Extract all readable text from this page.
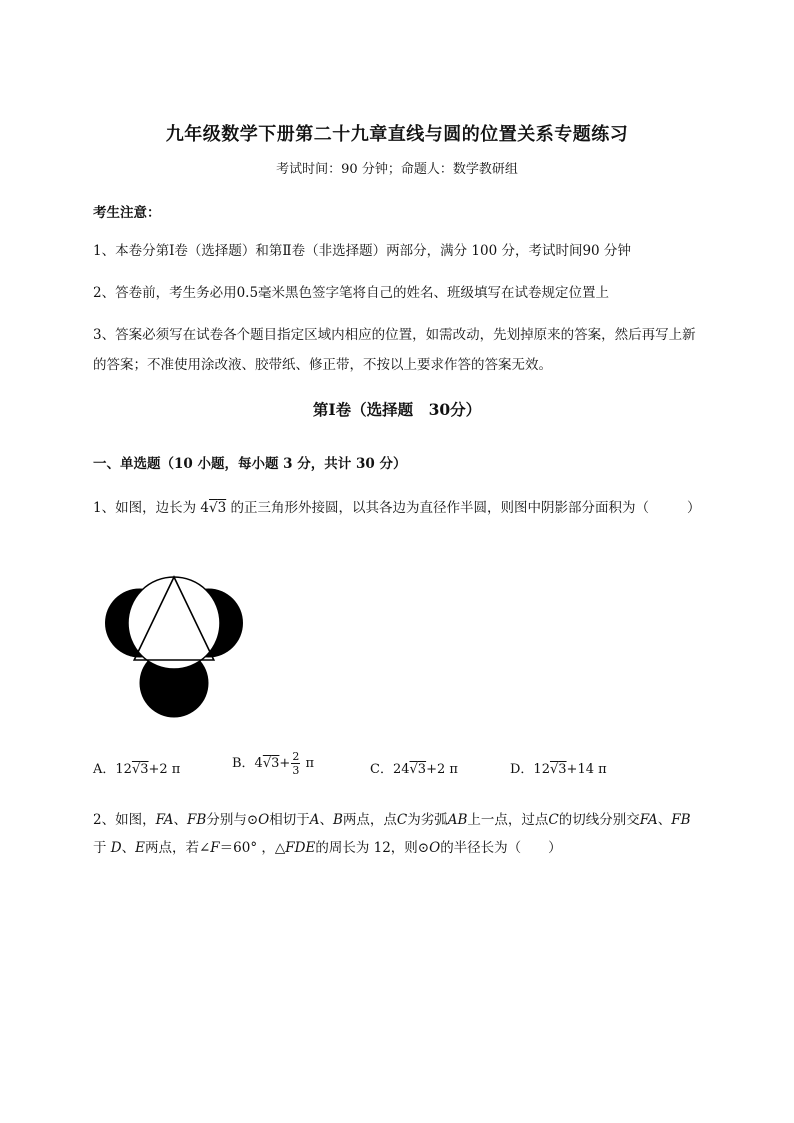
九年级数学下册第二十九章直线与圆的位置关系专题练习
考试时间：90 分钟；命题人：数学教研组
考生注意：
1、本卷分第Ⅰ卷（选择题）和第Ⅱ卷（非选择题）两部分，满分 100 分，考试时间90 分钟
2、答卷前，考生务必用0.5毫米黑色签字笔将自己的姓名、班级填写在试卷规定位置上
3、答案必须写在试卷各个题目指定区域内相应的位置，如需改动，先划掉原来的答案，然后再写上新
的答案；不准使用涂改液、胶带纸、修正带，不按以上要求作答的答案无效。
第Ⅰ卷（选择题　30分）
一、单选题（10 小题，每小题 3 分，共计 30 分）
1、如图，边长为 4√3 的正三角形外接圆，以其各边为直径作半圆，则图中阴影部分面积为（	）
A．12√3+2 π	B．$4√3+ \frac{2}{3}$ π	C．24√3+2 π	D．12√3+14 π
2、如图，FA、FB分别与⊙O相切于A、B两点，点C为劣弧AB上一点，过点C的切线分别交FA、FB
于 D、E两点，若∠F＝60° ，△FDE的周长为 12，则⊙O的半径长为（　　）
